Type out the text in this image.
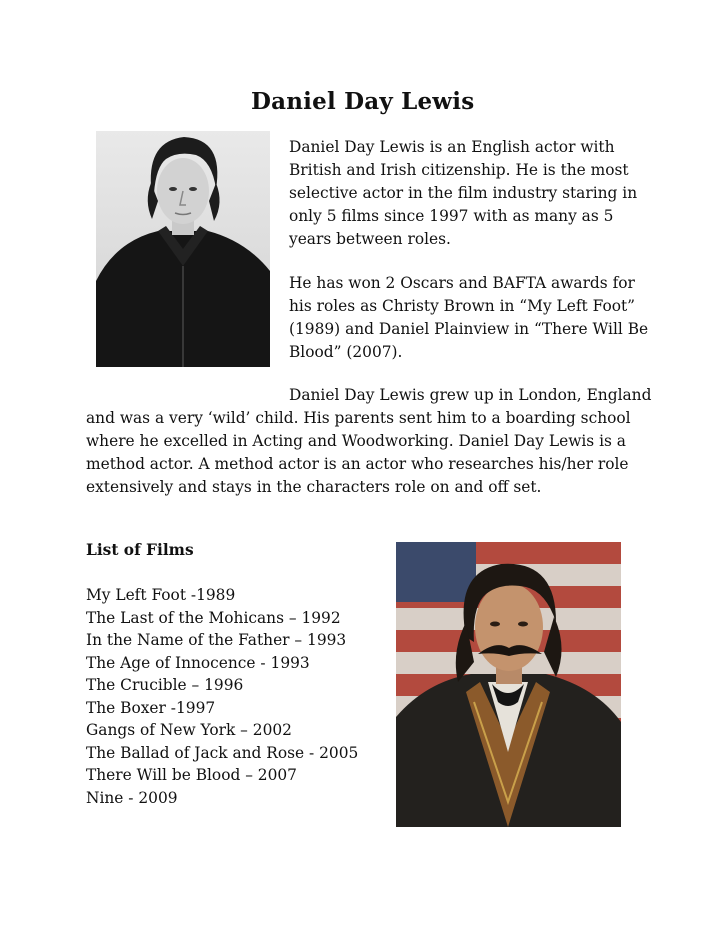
Daniel Day Lewis

Daniel Day Lewis is an English actor with British and Irish citizenship. He is the most selective actor in the film industry staring in only 5 films since 1997 with as many as 5 years between roles.

He has won 2 Oscars and BAFTA awards for his roles as Christy Brown in “My Left Foot” (1989) and Daniel Plainview in “There Will Be Blood” (2007).

Daniel Day Lewis grew up in London, England and was a very ‘wild’ child. His parents sent him to a boarding school where he excelled in Acting and Woodworking. Daniel Day Lewis is a method actor. A method actor is an actor who researches his/her role extensively and stays in the characters role on and off set.

List of Films
My Left Foot -1989
The Last of the Mohicans – 1992
In the Name of the Father – 1993
The Age of Innocence - 1993
The Crucible – 1996
The Boxer -1997
Gangs of New York – 2002
The Ballad of Jack and Rose - 2005
There Will be Blood – 2007
Nine - 2009
